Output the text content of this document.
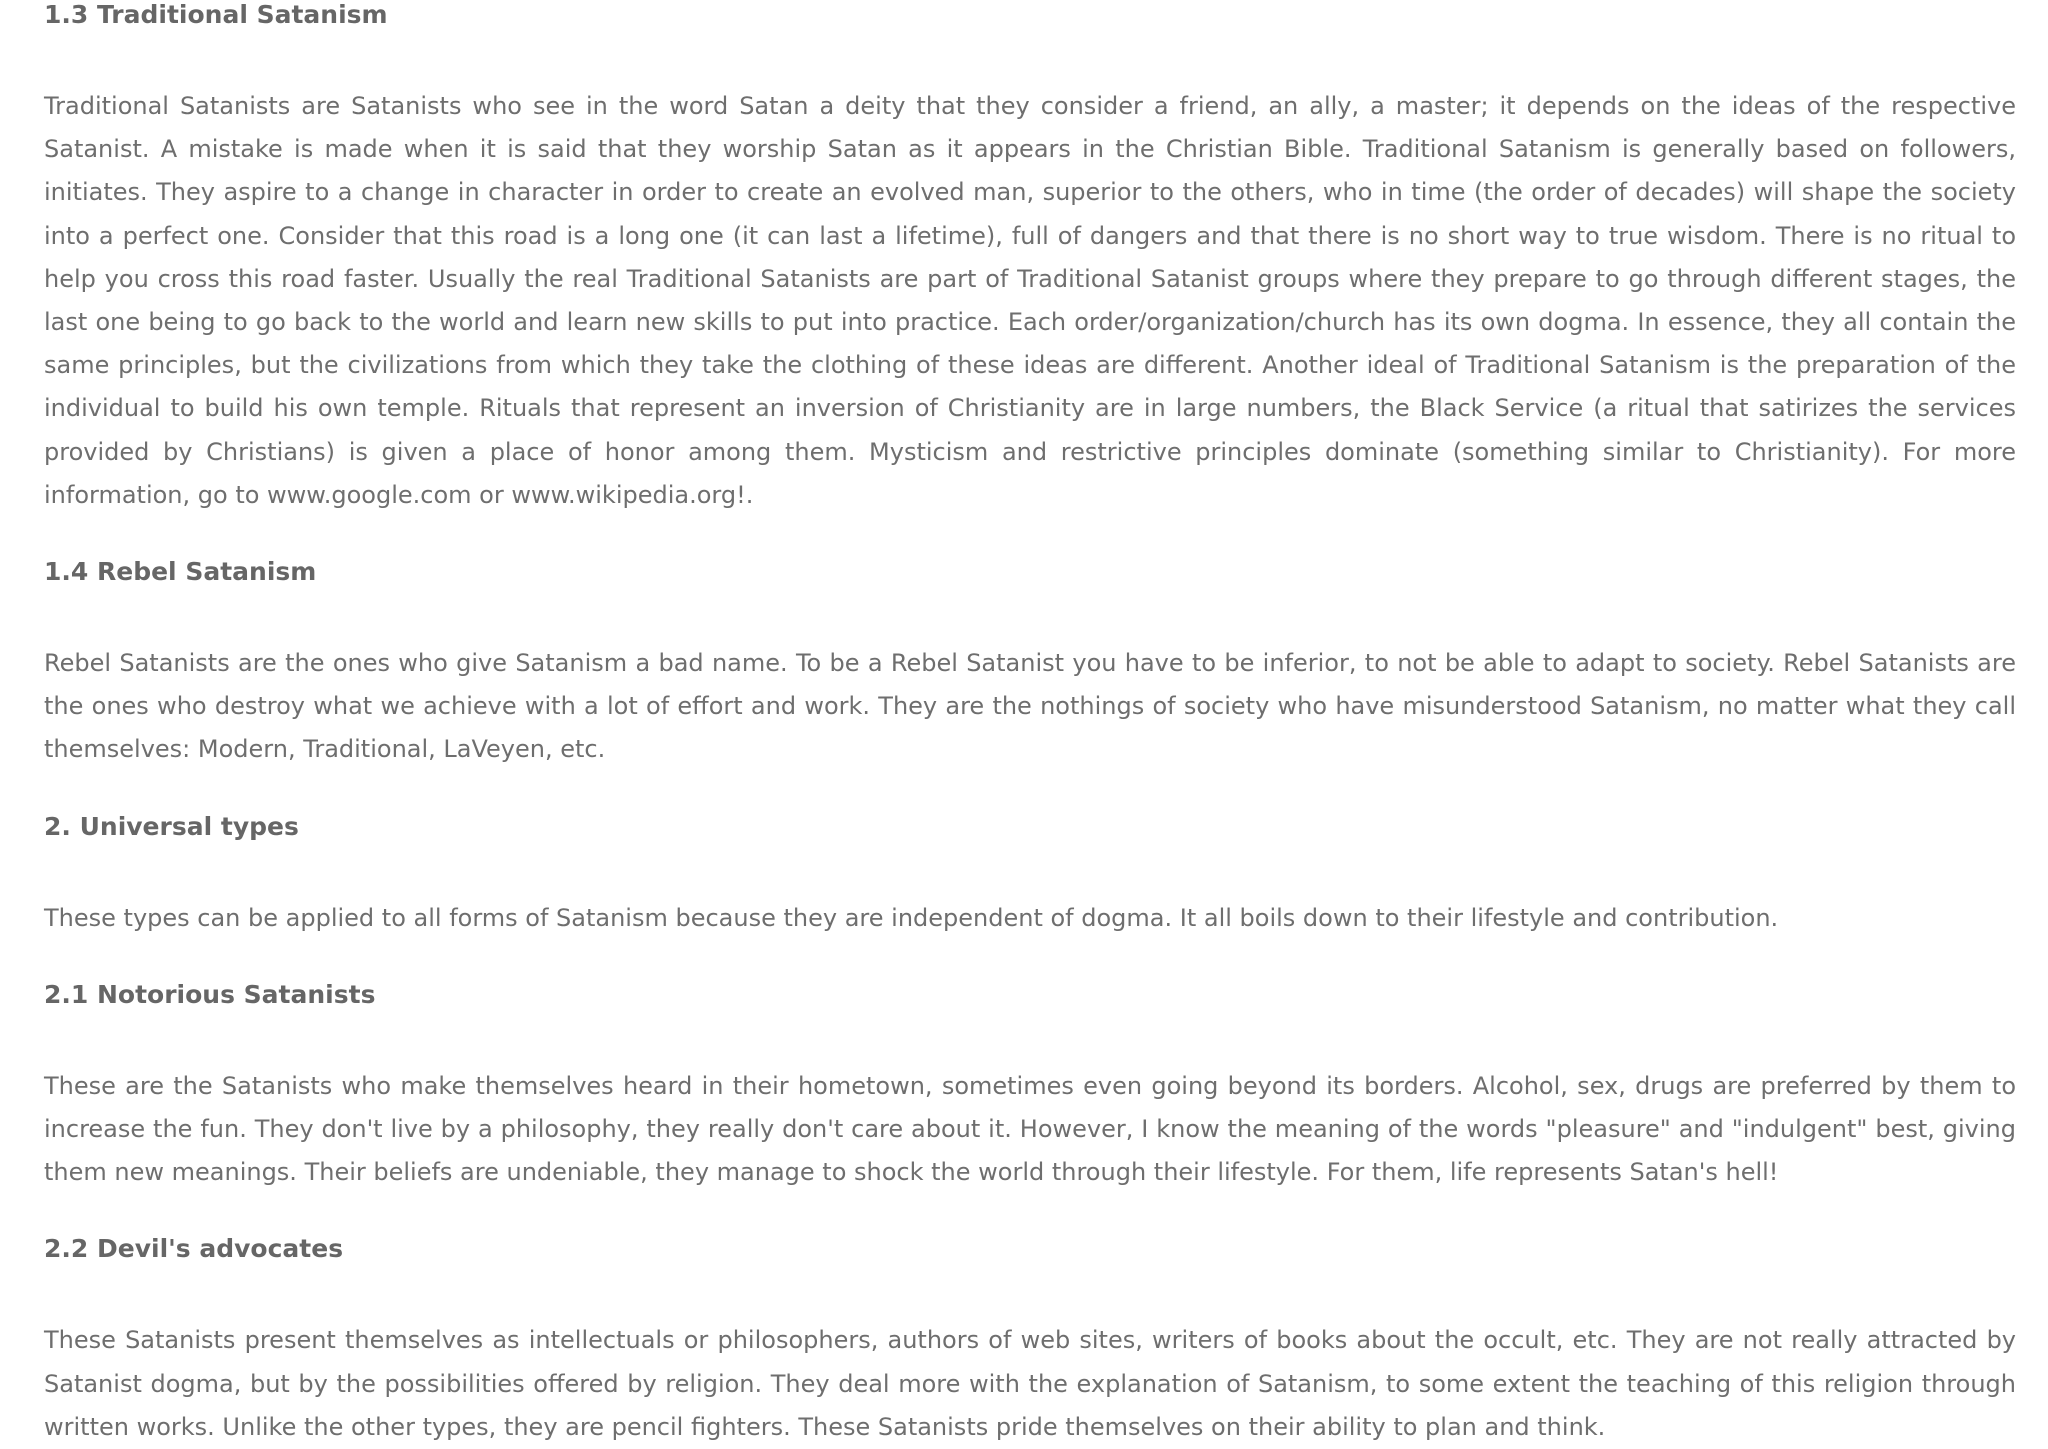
1.3 Traditional Satanism

Traditional Satanists are Satanists who see in the word Satan a deity that they consider a friend, an ally, a master; it depends on the ideas of the respective Satanist. A mistake is made when it is said that they worship Satan as it appears in the Christian Bible. Traditional Satanism is generally based on followers, initiates. They aspire to a change in character in order to create an evolved man, superior to the others, who in time (the order of decades) will shape the society into a perfect one. Consider that this road is a long one (it can last a lifetime), full of dangers and that there is no short way to true wisdom. There is no ritual to help you cross this road faster. Usually the real Traditional Satanists are part of Traditional Satanist groups where they prepare to go through different stages, the last one being to go back to the world and learn new skills to put into practice. Each order/organization/church has its own dogma. In essence, they all contain the same principles, but the civilizations from which they take the clothing of these ideas are different. Another ideal of Traditional Satanism is the preparation of the individual to build his own temple. Rituals that represent an inversion of Christianity are in large numbers, the Black Service (a ritual that satirizes the services provided by Christians) is given a place of honor among them. Mysticism and restrictive principles dominate (something similar to Christianity). For more information, go to www.google.com or www.wikipedia.org!.

1.4 Rebel Satanism

Rebel Satanists are the ones who give Satanism a bad name. To be a Rebel Satanist you have to be inferior, to not be able to adapt to society. Rebel Satanists are the ones who destroy what we achieve with a lot of effort and work. They are the nothings of society who have misunderstood Satanism, no matter what they call themselves: Modern, Traditional, LaVeyen, etc.

2. Universal types

These types can be applied to all forms of Satanism because they are independent of dogma. It all boils down to their lifestyle and contribution.

2.1 Notorious Satanists

These are the Satanists who make themselves heard in their hometown, sometimes even going beyond its borders. Alcohol, sex, drugs are preferred by them to increase the fun. They don't live by a philosophy, they really don't care about it. However, I know the meaning of the words "pleasure" and "indulgent" best, giving them new meanings. Their beliefs are undeniable, they manage to shock the world through their lifestyle. For them, life represents Satan's hell!

2.2 Devil's advocates

These Satanists present themselves as intellectuals or philosophers, authors of web sites, writers of books about the occult, etc. They are not really attracted by Satanist dogma, but by the possibilities offered by religion. They deal more with the explanation of Satanism, to some extent the teaching of this religion through written works. Unlike the other types, they are pencil fighters. These Satanists pride themselves on their ability to plan and think.
